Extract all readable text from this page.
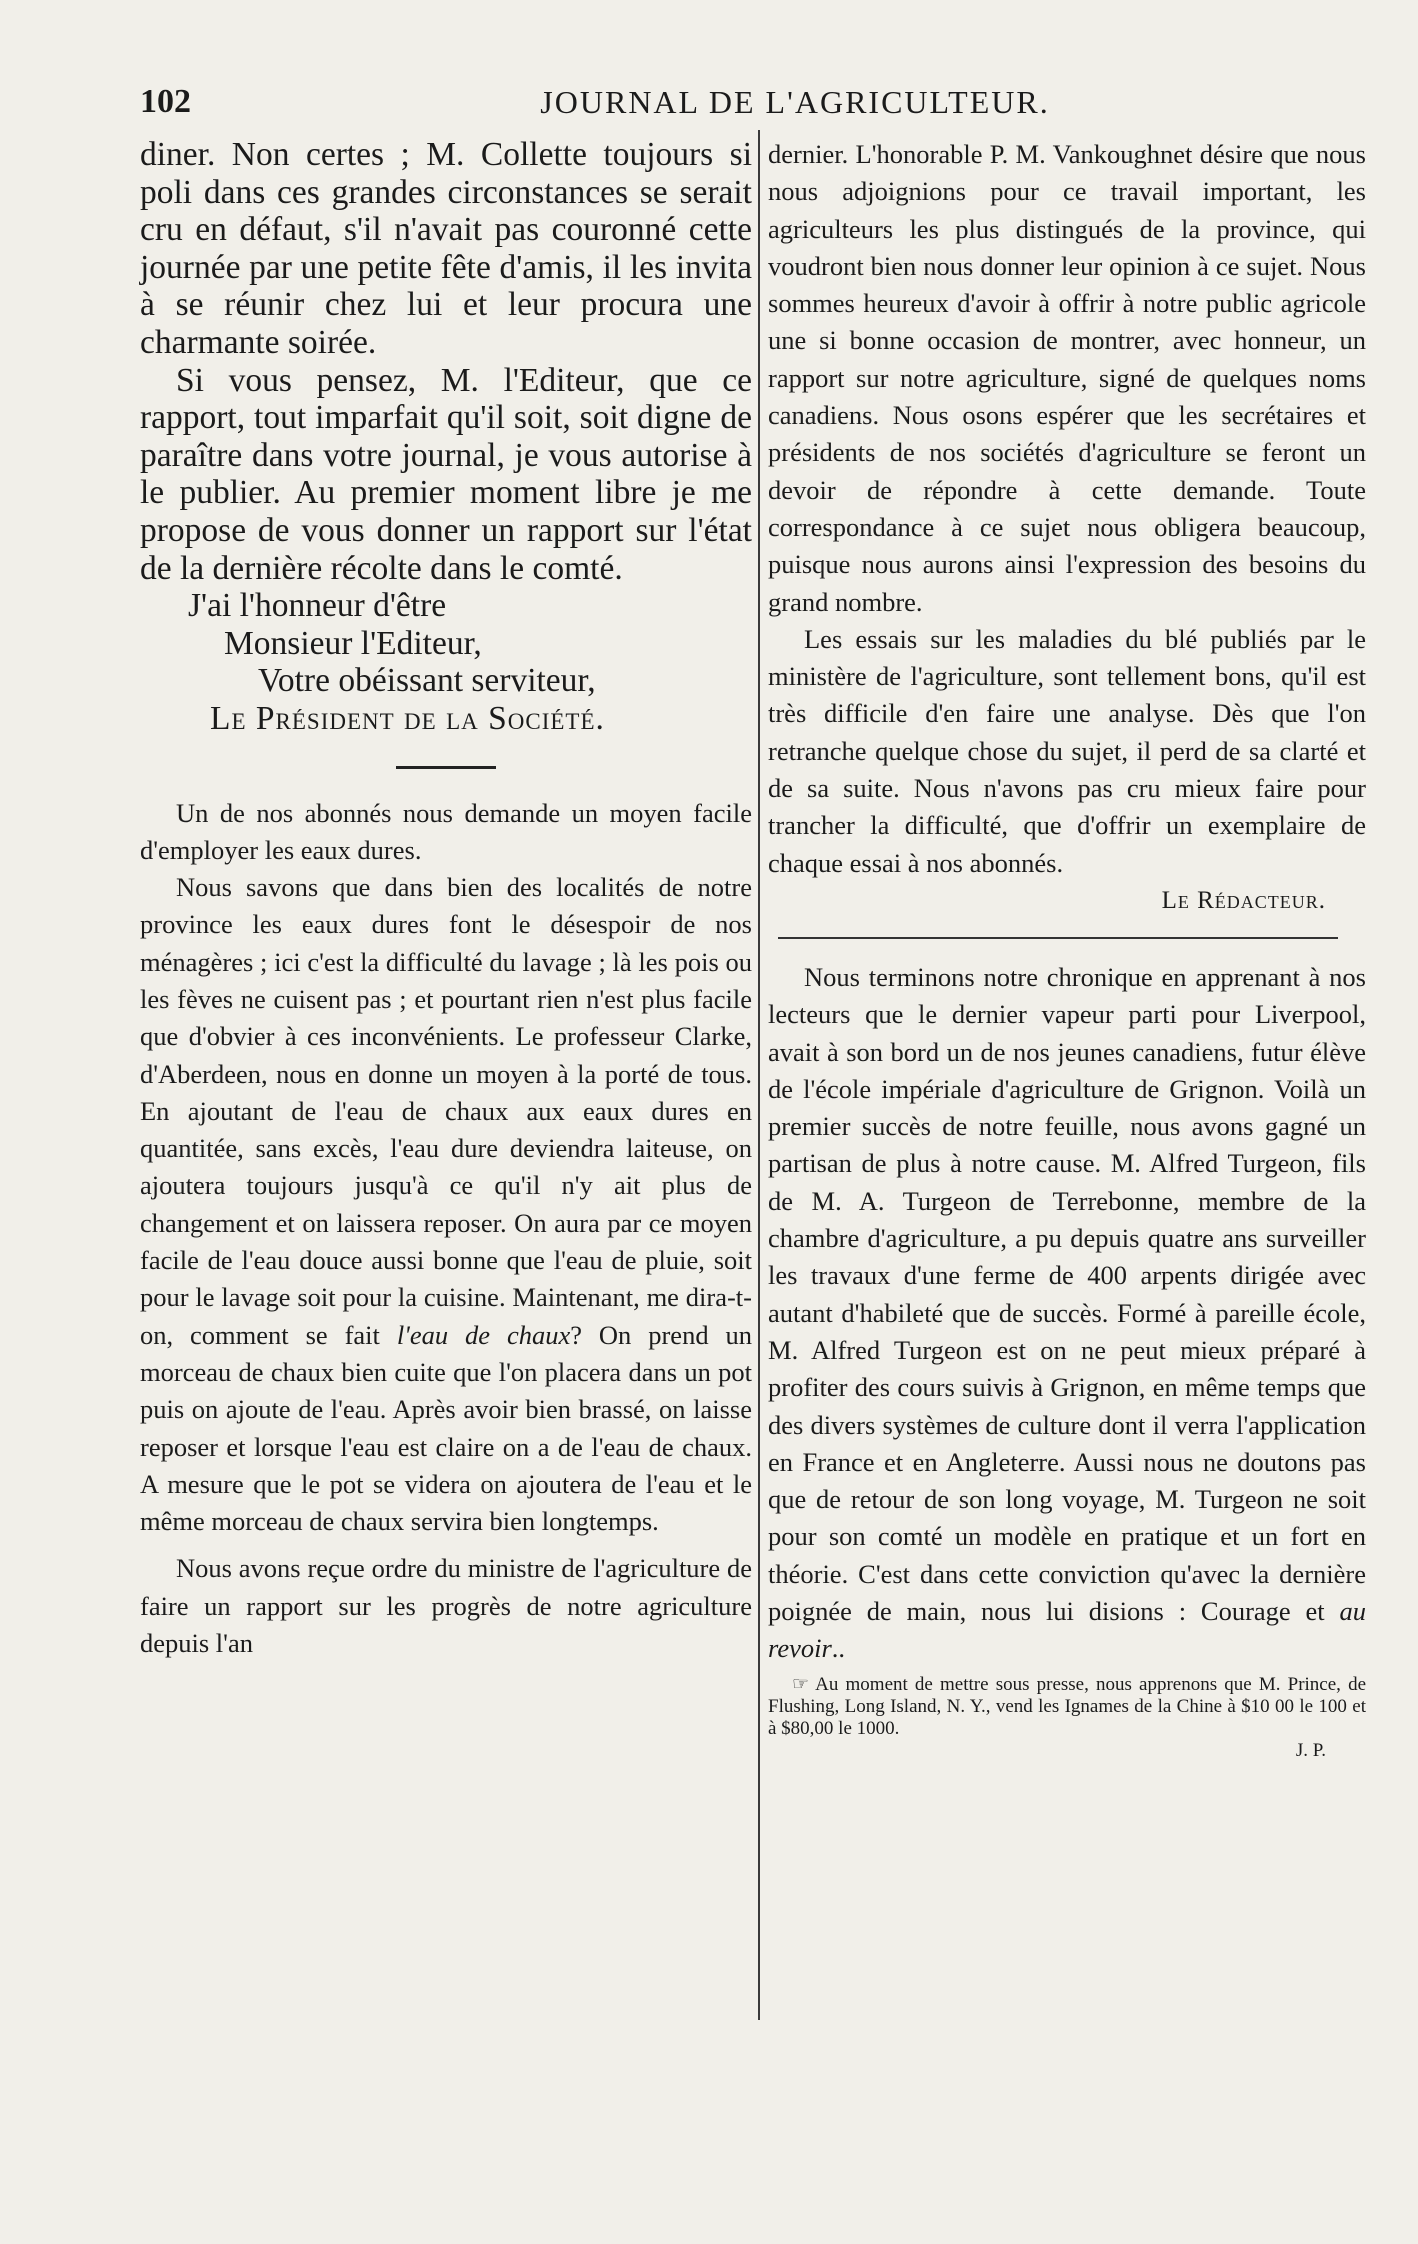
102	JOURNAL DE L'AGRICULTEUR.

diner. Non certes ; M. Collette toujours si poli dans ces grandes circonstances se serait cru en défaut, s'il n'avait pas couronné cette journée par une petite fête d'amis, il les invita à se réunir chez lui et leur procura une charmante soirée.

Si vous pensez, M. l'Editeur, que ce rapport, tout imparfait qu'il soit, soit digne de paraître dans votre journal, je vous autorise à le publier. Au premier moment libre je me propose de vous donner un rapport sur l'état de la dernière récolte dans le comté.

J'ai l'honneur d'être

Monsieur l'Editeur,

Votre obéissant serviteur,

Le Président de la Société.

Un de nos abonnés nous demande un moyen facile d'employer les eaux dures.

Nous savons que dans bien des localités de notre province les eaux dures font le désespoir de nos ménagères ; ici c'est la difficulté du lavage ; là les pois ou les fèves ne cuisent pas ; et pourtant rien n'est plus facile que d'obvier à ces inconvénients. Le professeur Clarke, d'Aberdeen, nous en donne un moyen à la porté de tous. En ajoutant de l'eau de chaux aux eaux dures en quantitée, sans excès, l'eau dure deviendra laiteuse, on ajoutera toujours jusqu'à ce qu'il n'y ait plus de changement et on laissera reposer. On aura par ce moyen facile de l'eau douce aussi bonne que l'eau de pluie, soit pour le lavage soit pour la cuisine. Maintenant, me dira-t-on, comment se fait l'eau de chaux? On prend un morceau de chaux bien cuite que l'on placera dans un pot puis on ajoute de l'eau. Après avoir bien brassé, on laisse reposer et lorsque l'eau est claire on a de l'eau de chaux. A mesure que le pot se videra on ajoutera de l'eau et le même morceau de chaux servira bien longtemps.

Nous avons reçue ordre du ministre de l'agriculture de faire un rapport sur les progrès de notre agriculture depuis l'an

dernier. L'honorable P. M. Vankoughnet désire que nous nous adjoignions pour ce travail important, les agriculteurs les plus distingués de la province, qui voudront bien nous donner leur opinion à ce sujet. Nous sommes heureux d'avoir à offrir à notre public agricole une si bonne occasion de montrer, avec honneur, un rapport sur notre agriculture, signé de quelques noms canadiens. Nous osons espérer que les secrétaires et présidents de nos sociétés d'agriculture se feront un devoir de répondre à cette demande. Toute correspondance à ce sujet nous obligera beaucoup, puisque nous aurons ainsi l'expression des besoins du grand nombre.

Les essais sur les maladies du blé publiés par le ministère de l'agriculture, sont tellement bons, qu'il est très difficile d'en faire une analyse. Dès que l'on retranche quelque chose du sujet, il perd de sa clarté et de sa suite. Nous n'avons pas cru mieux faire pour trancher la difficulté, que d'offrir un exemplaire de chaque essai à nos abonnés.

Le Rédacteur.

Nous terminons notre chronique en apprenant à nos lecteurs que le dernier vapeur parti pour Liverpool, avait à son bord un de nos jeunes canadiens, futur élève de l'école impériale d'agriculture de Grignon. Voilà un premier succès de notre feuille, nous avons gagné un partisan de plus à notre cause. M. Alfred Turgeon, fils de M. A. Turgeon de Terrebonne, membre de la chambre d'agriculture, a pu depuis quatre ans surveiller les travaux d'une ferme de 400 arpents dirigée avec autant d'habileté que de succès. Formé à pareille école, M. Alfred Turgeon est on ne peut mieux préparé à profiter des cours suivis à Grignon, en même temps que des divers systèmes de culture dont il verra l'application en France et en Angleterre. Aussi nous ne doutons pas que de retour de son long voyage, M. Turgeon ne soit pour son comté un modèle en pratique et un fort en théorie. C'est dans cette conviction qu'avec la dernière poignée de main, nous lui disions : Courage et au revoir..

☞ Au moment de mettre sous presse, nous apprenons que M. Prince, de Flushing, Long Island, N. Y., vend les Ignames de la Chine à $10 00 le 100 et à $80,00 le 1000.

J. P.
